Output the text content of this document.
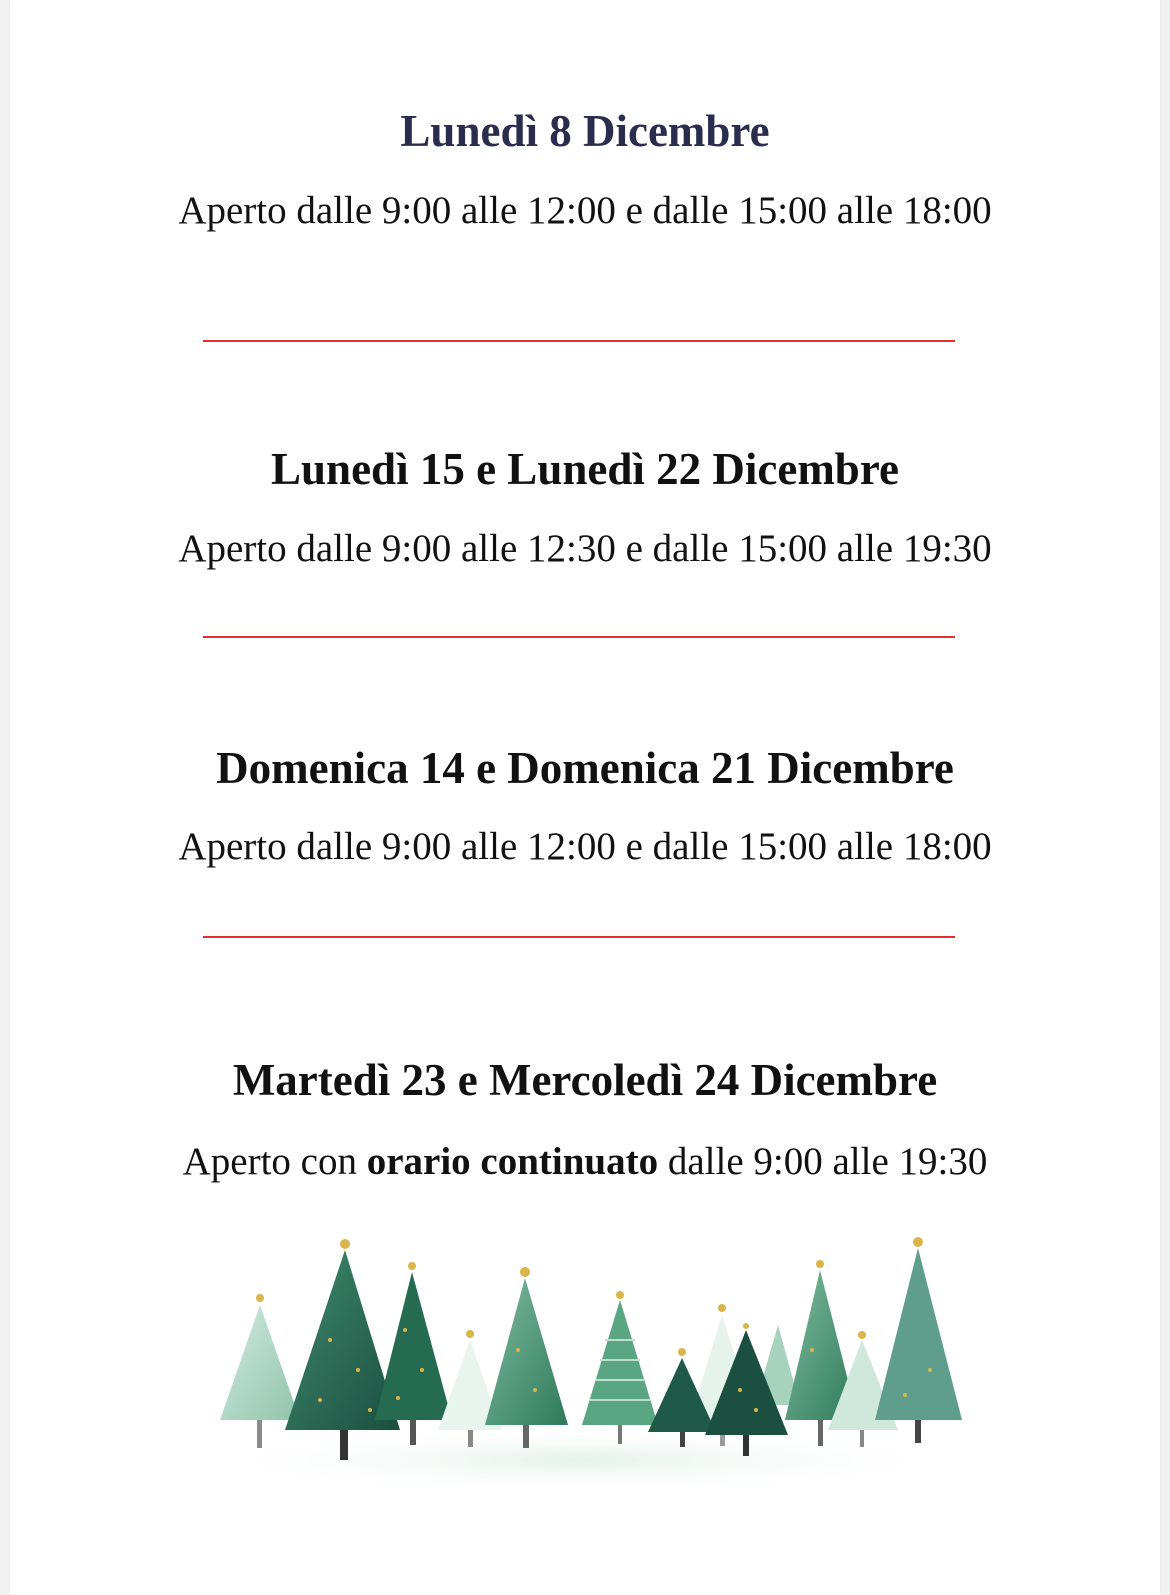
Lunedì 8 Dicembre

Aperto dalle 9:00 alle 12:00 e dalle 15:00 alle 18:00

Lunedì 15 e Lunedì 22 Dicembre

Aperto dalle 9:00 alle 12:30 e dalle 15:00 alle 19:30

Domenica 14 e Domenica 21 Dicembre

Aperto dalle 9:00 alle 12:00 e dalle 15:00 alle 18:00

Martedì 23 e Mercoledì 24 Dicembre

Aperto con orario continuato dalle 9:00 alle 19:30
